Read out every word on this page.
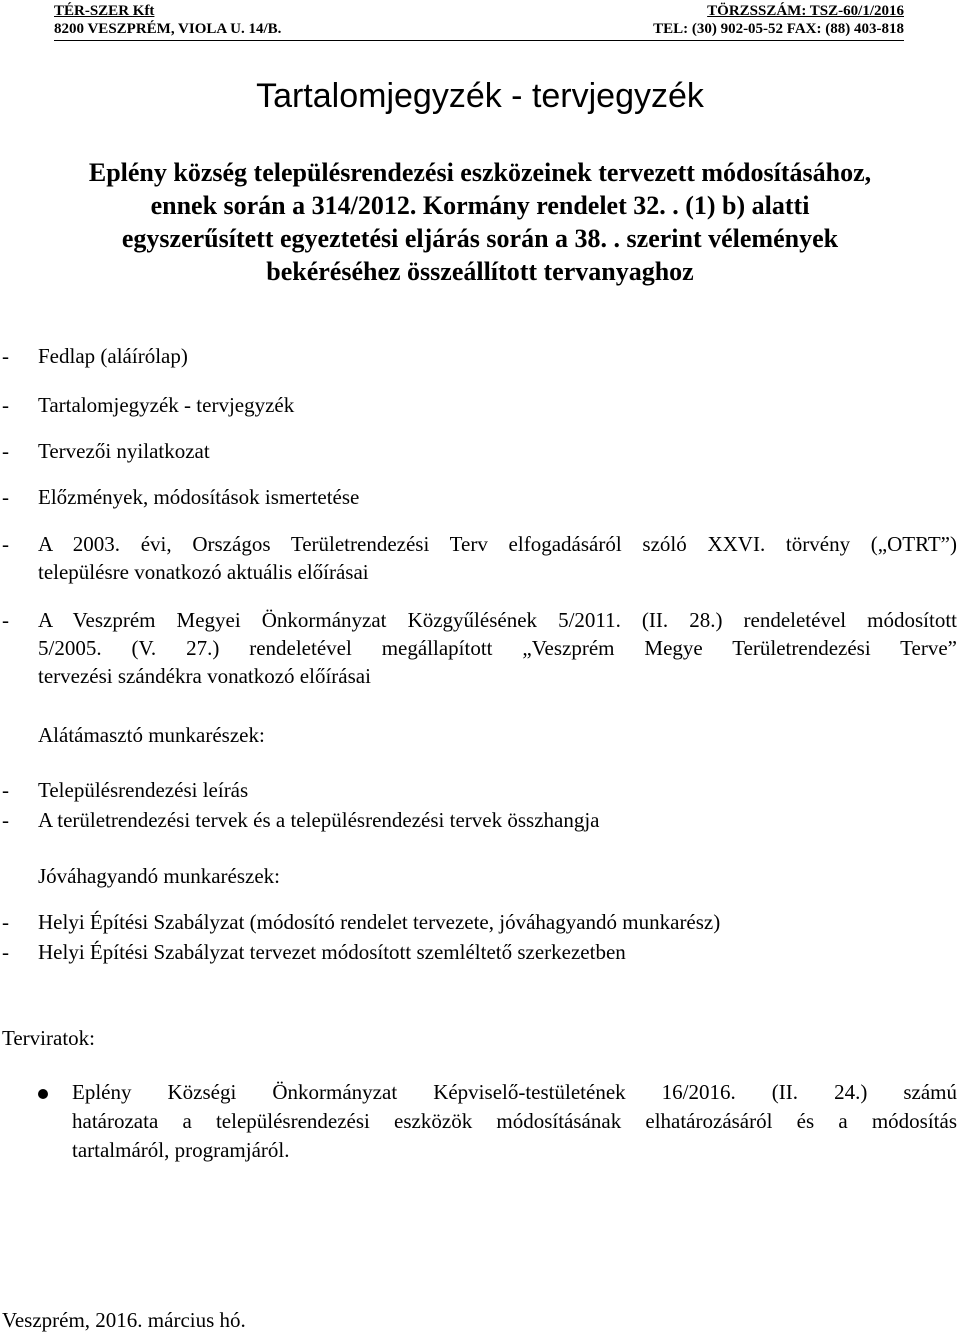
TÉR-SZER Kft	TÖRZSSZÁM: TSZ-60/1/2016
8200 VESZPRÉM, VIOLA U. 14/B.	TEL: (30) 902-05-52 FAX: (88) 403-818
Tartalomjegyzék - tervjegyzék
Eplény község településrendezési eszközeinek tervezett módosításához,
ennek során a 314/2012. Kormány rendelet 32. . (1) b) alatti
egyszerűsített egyeztetési eljárás során a 38. . szerint vélemények
bekéréséhez összeállított tervanyaghoz
- Fedlap (aláírólap)
- Tartalomjegyzék - tervjegyzék
- Tervezői nyilatkozat
- Előzmények, módosítások ismertetése
- A 2003. évi, Országos Területrendezési Terv elfogadásáról szóló XXVI. törvény („OTRT”)
településre vonatkozó aktuális előírásai
- A Veszprém Megyei Önkormányzat Közgyűlésének 5/2011. (II. 28.) rendeletével módosított
5/2005. (V. 27.) rendeletével megállapított „Veszprém Megye Területrendezési Terve”
tervezési szándékra vonatkozó előírásai
Alátámasztó munkarészek:
- Településrendezési leírás
- A területrendezési tervek és a településrendezési tervek összhangja
Jóváhagyandó munkarészek:
- Helyi Építési Szabályzat (módosító rendelet tervezete, jóváhagyandó munkarész)
- Helyi Építési Szabályzat tervezet módosított szemléltető szerkezetben
Terviratok:
Eplény Községi Önkormányzat Képviselő-testületének 16/2016. (II. 24.) számú
határozata a településrendezési eszközök módosításának elhatározásáról és a módosítás
tartalmáról, programjáról.
Veszprém, 2016. március hó.
